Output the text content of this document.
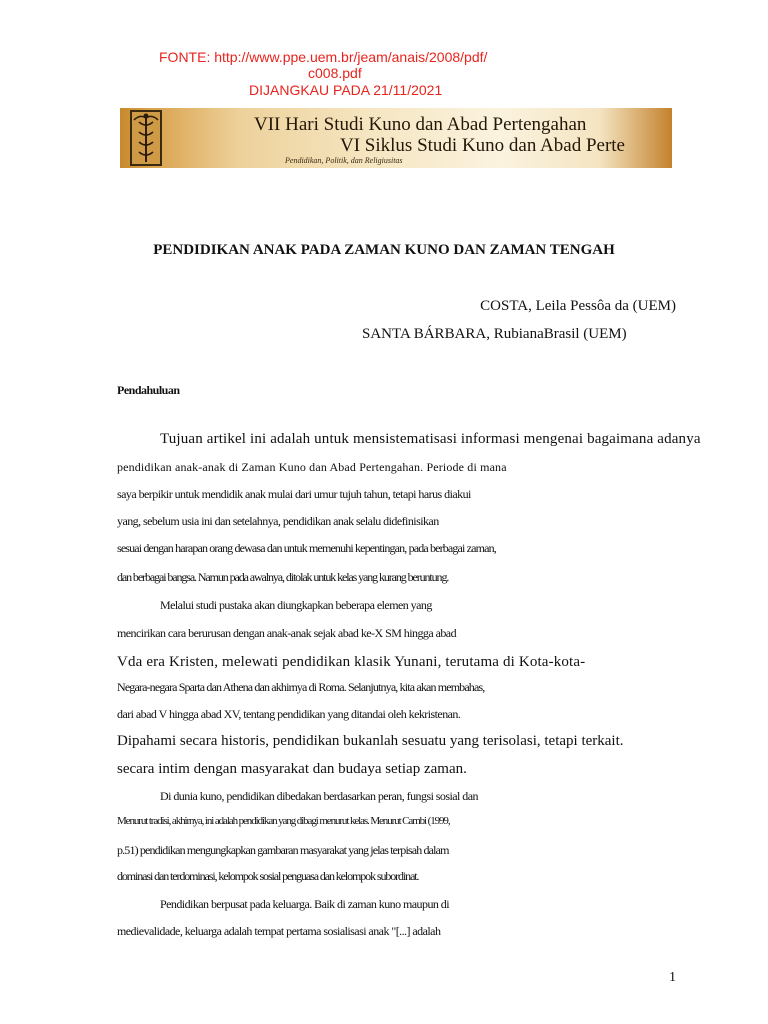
FONTE: http://www.ppe.uem.br/jeam/anais/2008/pdf/
c008.pdf
DIJANGKAU PADA 21/11/2021
VII Hari Studi Kuno dan Abad Pertengahan
VI Siklus Studi Kuno dan Abad Perte
Pendidikan, Politik, dan Religiusitas
PENDIDIKAN ANAK PADA ZAMAN KUNO DAN ZAMAN TENGAH
COSTA, Leila Pessôa da (UEM)
SANTA BÁRBARA, RubianaBrasil (UEM)
Pendahuluan
Tujuan artikel ini adalah untuk mensistematisasi informasi mengenai bagaimana adanya
pendidikan anak-anak di Zaman Kuno dan Abad Pertengahan. Periode di mana
saya berpikir untuk mendidik anak mulai dari umur tujuh tahun, tetapi harus diakui
yang, sebelum usia ini dan setelahnya, pendidikan anak selalu didefinisikan
sesuai dengan harapan orang dewasa dan untuk memenuhi kepentingan, pada berbagai zaman,
dan berbagai bangsa. Namun pada awalnya, ditolak untuk kelas yang kurang beruntung.
Melalui studi pustaka akan diungkapkan beberapa elemen yang
mencirikan cara berurusan dengan anak-anak sejak abad ke-X SM hingga abad
Vda era Kristen, melewati pendidikan klasik Yunani, terutama di Kota-kota-
Negara-negara Sparta dan Athena dan akhirnya di Roma. Selanjutnya, kita akan membahas,
dari abad V hingga abad XV, tentang pendidikan yang ditandai oleh kekristenan.
Dipahami secara historis, pendidikan bukanlah sesuatu yang terisolasi, tetapi terkait.
secara intim dengan masyarakat dan budaya setiap zaman.
Di dunia kuno, pendidikan dibedakan berdasarkan peran, fungsi sosial dan
Menurut tradisi, akhirnya, ini adalah pendidikan yang dibagi menurut kelas. Menurut Cambi (1999,
p.51) pendidikan mengungkapkan gambaran masyarakat yang jelas terpisah dalam
dominasi dan terdominasi, kelompok sosial penguasa dan kelompok subordinat.
Pendidikan berpusat pada keluarga. Baik di zaman kuno maupun di
medievalidade, keluarga adalah tempat pertama sosialisasi anak "[...] adalah
1
